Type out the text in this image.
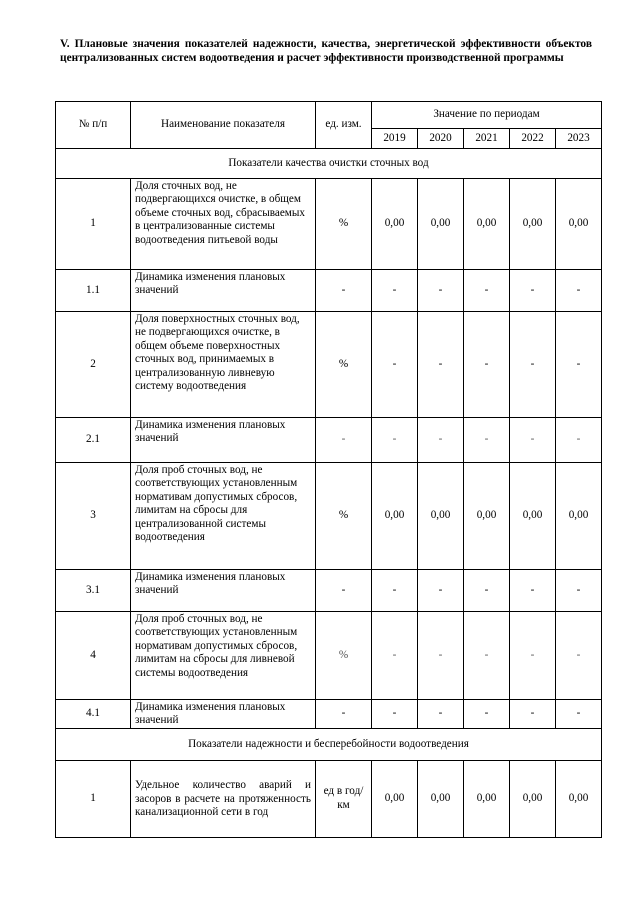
V. Плановые значения показателей надежности, качества, энергетической эффективности объектов централизованных систем водоотведения и расчет эффективности производственной программы
№ п/п	Наименование показателя	ед. изм.	Значение по периодам				
			2019	2020	2021	2022	2023
Показатели качества очистки сточных вод							
1	Доля сточных вод, не подвергающихся очистке, в общем объеме сточных вод, сбрасываемых в централизованные системы водоотведения питьевой воды	%	0,00	0,00	0,00	0,00	0,00
1.1	Динамика изменения плановых значений	-	-	-	-	-	-
2	Доля поверхностных сточных вод, не подвергающихся очистке, в общем объеме поверхностных сточных вод, принимаемых в централизованную ливневую систему водоотведения	%	-	-	-	-	-
2.1	Динамика изменения плановых значений	-	-	-	-	-	-
3	Доля проб сточных вод, не соответствующих установленным нормативам допустимых сбросов, лимитам на сбросы для централизованной системы водоотведения	%	0,00	0,00	0,00	0,00	0,00
3.1	Динамика изменения плановых значений	-	-	-	-	-	-
4	Доля проб сточных вод, не соответствующих установленным нормативам допустимых сбросов, лимитам на сбросы для ливневой системы водоотведения	%	-	-	-	-	-
4.1	Динамика изменения плановых значений	-	-	-	-	-	-
Показатели надежности и бесперебойности водоотведения							
1	Удельное количество аварий и засоров в расчете на протяженность канализационной сети в год	ед в год/ км	0,00	0,00	0,00	0,00	0,00
